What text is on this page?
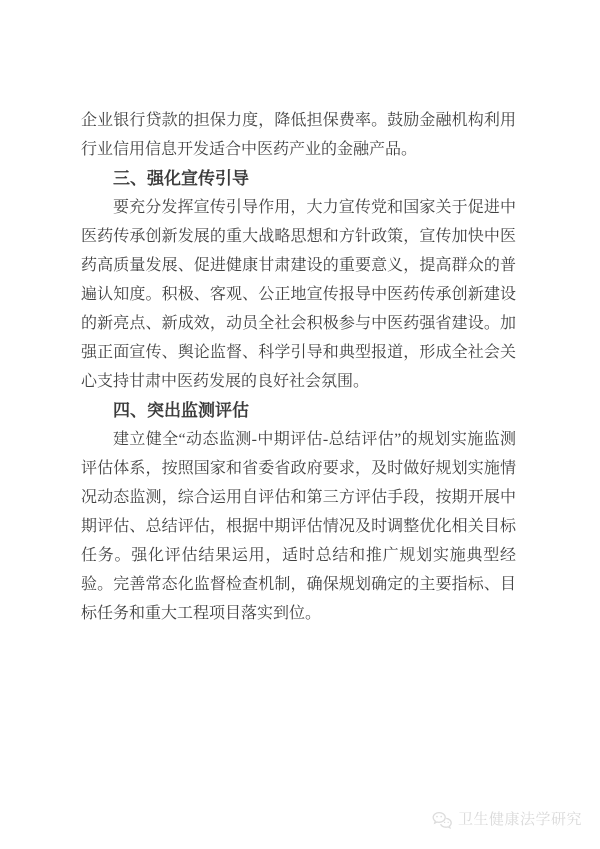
企业银行贷款的担保力度，降低担保费率。鼓励金融机构利用行业信用信息开发适合中医药产业的金融产品。

三、强化宣传引导

要充分发挥宣传引导作用，大力宣传党和国家关于促进中医药传承创新发展的重大战略思想和方针政策，宣传加快中医药高质量发展、促进健康甘肃建设的重要意义，提高群众的普遍认知度。积极、客观、公正地宣传报导中医药传承创新建设的新亮点、新成效，动员全社会积极参与中医药强省建设。加强正面宣传、舆论监督、科学引导和典型报道，形成全社会关心支持甘肃中医药发展的良好社会氛围。

四、突出监测评估

建立健全“动态监测-中期评估-总结评估”的规划实施监测评估体系，按照国家和省委省政府要求，及时做好规划实施情况动态监测，综合运用自评估和第三方评估手段，按期开展中期评估、总结评估，根据中期评估情况及时调整优化相关目标任务。强化评估结果运用，适时总结和推广规划实施典型经验。完善常态化监督检查机制，确保规划确定的主要指标、目标任务和重大工程项目落实到位。

卫生健康法学研究
